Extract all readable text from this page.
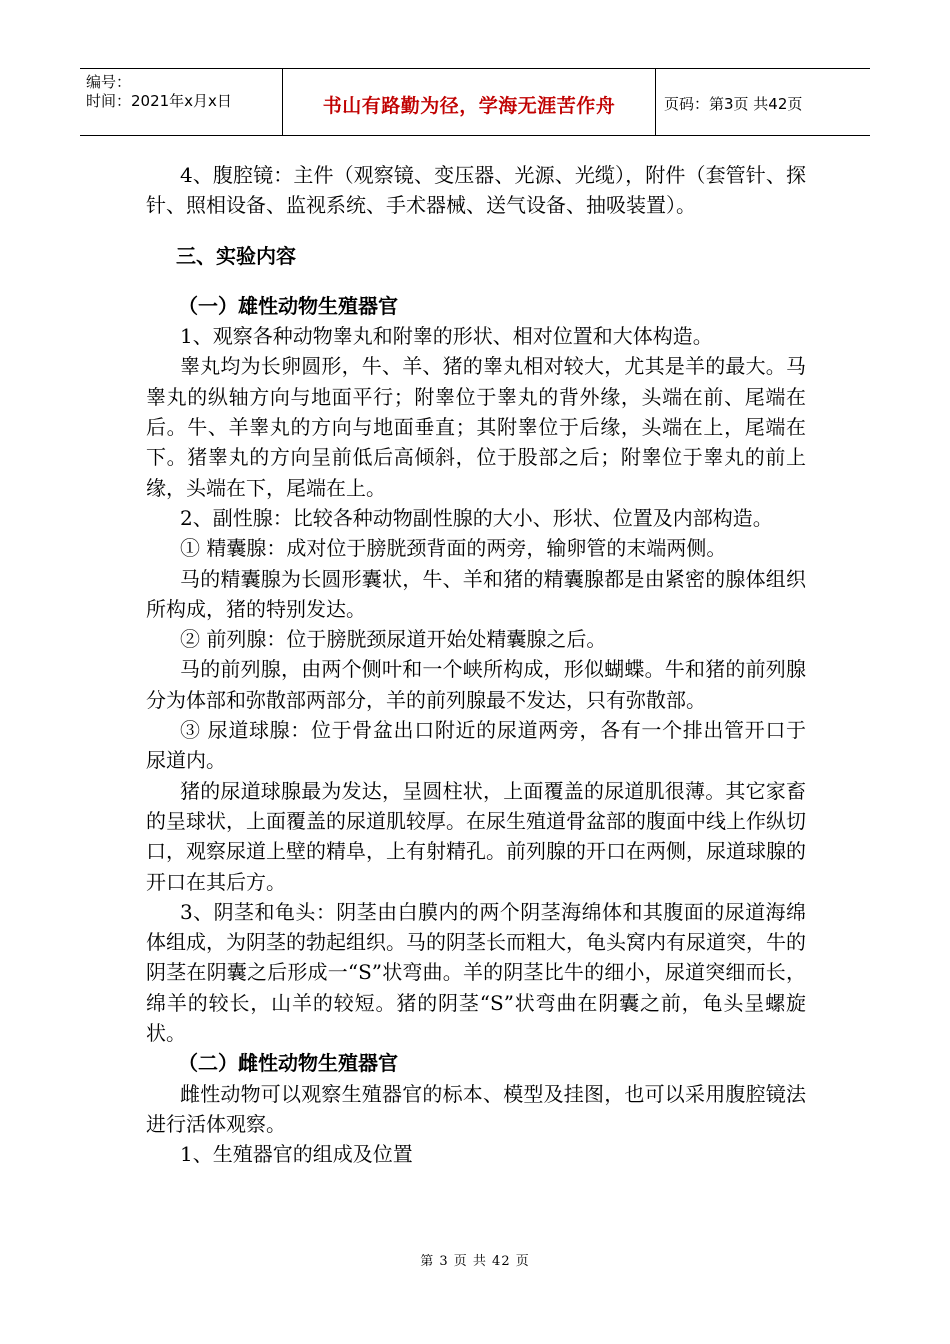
编号：
时间：2021年x月x日	书山有路勤为径，学海无涯苦作舟	页码：第3页 共42页

4、腹腔镜：主件（观察镜、变压器、光源、光缆），附件（套管针、探针、照相设备、监视系统、手术器械、送气设备、抽吸装置）。

三、实验内容

（一）雄性动物生殖器官

1、观察各种动物睾丸和附睾的形状、相对位置和大体构造。

睾丸均为长卵圆形，牛、羊、猪的睾丸相对较大，尤其是羊的最大。马睾丸的纵轴方向与地面平行；附睾位于睾丸的背外缘，头端在前、尾端在后。牛、羊睾丸的方向与地面垂直；其附睾位于后缘，头端在上，尾端在下。猪睾丸的方向呈前低后高倾斜，位于股部之后；附睾位于睾丸的前上缘，头端在下，尾端在上。

2、副性腺：比较各种动物副性腺的大小、形状、位置及内部构造。

① 精囊腺：成对位于膀胱颈背面的两旁，输卵管的末端两侧。

马的精囊腺为长圆形囊状，牛、羊和猪的精囊腺都是由紧密的腺体组织所构成，猪的特别发达。

② 前列腺：位于膀胱颈尿道开始处精囊腺之后。

马的前列腺，由两个侧叶和一个峡所构成，形似蝴蝶。牛和猪的前列腺分为体部和弥散部两部分，羊的前列腺最不发达，只有弥散部。

③ 尿道球腺：位于骨盆出口附近的尿道两旁，各有一个排出管开口于尿道内。

猪的尿道球腺最为发达，呈圆柱状，上面覆盖的尿道肌很薄。其它家畜的呈球状，上面覆盖的尿道肌较厚。在尿生殖道骨盆部的腹面中线上作纵切口，观察尿道上壁的精阜，上有射精孔。前列腺的开口在两侧，尿道球腺的开口在其后方。

3、阴茎和龟头：阴茎由白膜内的两个阴茎海绵体和其腹面的尿道海绵体组成，为阴茎的勃起组织。马的阴茎长而粗大，龟头窝内有尿道突，牛的阴茎在阴囊之后形成一“S”状弯曲。羊的阴茎比牛的细小，尿道突细而长，绵羊的较长，山羊的较短。猪的阴茎“S”状弯曲在阴囊之前，龟头呈螺旋状。

（二）雌性动物生殖器官

雌性动物可以观察生殖器官的标本、模型及挂图，也可以采用腹腔镜法进行活体观察。

1、生殖器官的组成及位置

第 3 页 共 42 页
